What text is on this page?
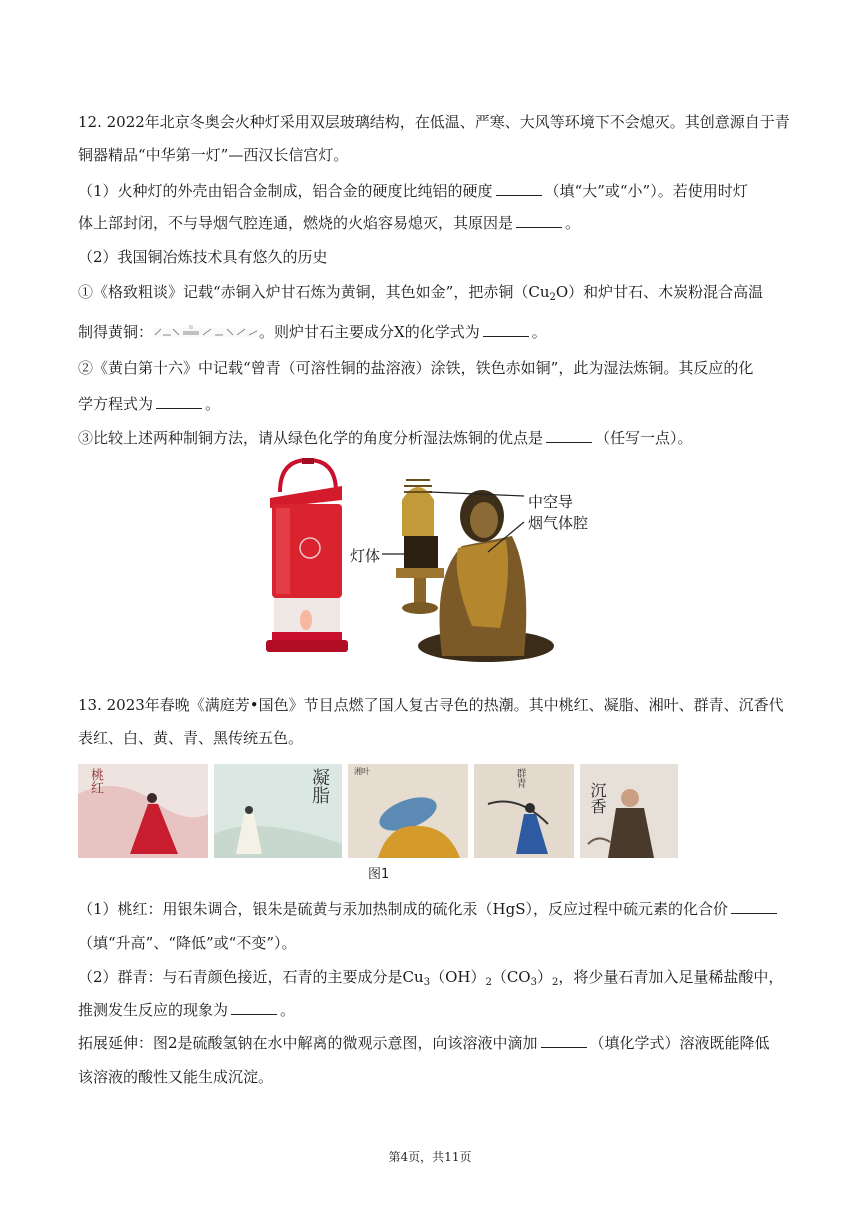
12. 2022年北京冬奥会火种灯采用双层玻璃结构，在低温、严寒、大风等环境下不会熄灭。其创意源自于青
铜器精品“中华第一灯”—西汉长信宫灯。
（1）火种灯的外壳由铝合金制成，铝合金的硬度比纯铝的硬度	（填“大”或“小”）。若使用时灯
体上部封闭，不与导烟气腔连通，燃烧的火焰容易熄灭，其原因是	。
（2）我国铜冶炼技术具有悠久的历史
①《格致粗谈》记载“赤铜入炉甘石炼为黄铜，其色如金”，把赤铜$(Cu_2O)$和炉甘石、木炭粉混合高温
制得黄铜：	。则炉甘石主要成分X的化学式为	。
②《黄白第十六》中记载“曾青（可溶性铜的盐溶液）涂铁，铁色赤如铜”，此为湿法炼铜。其反应的化
学方程式为	。
③比较上述两种制铜方法，请从绿色化学的角度分析湿法炼铜的优点是	（任写一点）。
中空导
烟气体腔
灯体
13. 2023年春晚《满庭芳•国色》节目点燃了国人复古寻色的热潮。其中桃红、凝脂、湘叶、群青、沉香代
表红、白、黄、青、黑传统五色。
桃红	凝脂	湘叶	群青
沉香
图1
（1）桃红：用银朱调合，银朱是硫黄与汞加热制成的硫化汞（HgS），反应过程中硫元素的化合价
（填“升高”、“降低”或“不变”）。
（2）群青：与石青颜色接近，石青的主要成分是$Cu_3(OH)_2(CO_3)_2$，将少量石青加入足量稀盐酸中，
推测发生反应的现象为	。
拓展延伸：图2是硫酸氢钠在水中解离的微观示意图，向该溶液中滴加	（填化学式）溶液既能降低
该溶液的酸性又能生成沉淀。
第4页，共11页
